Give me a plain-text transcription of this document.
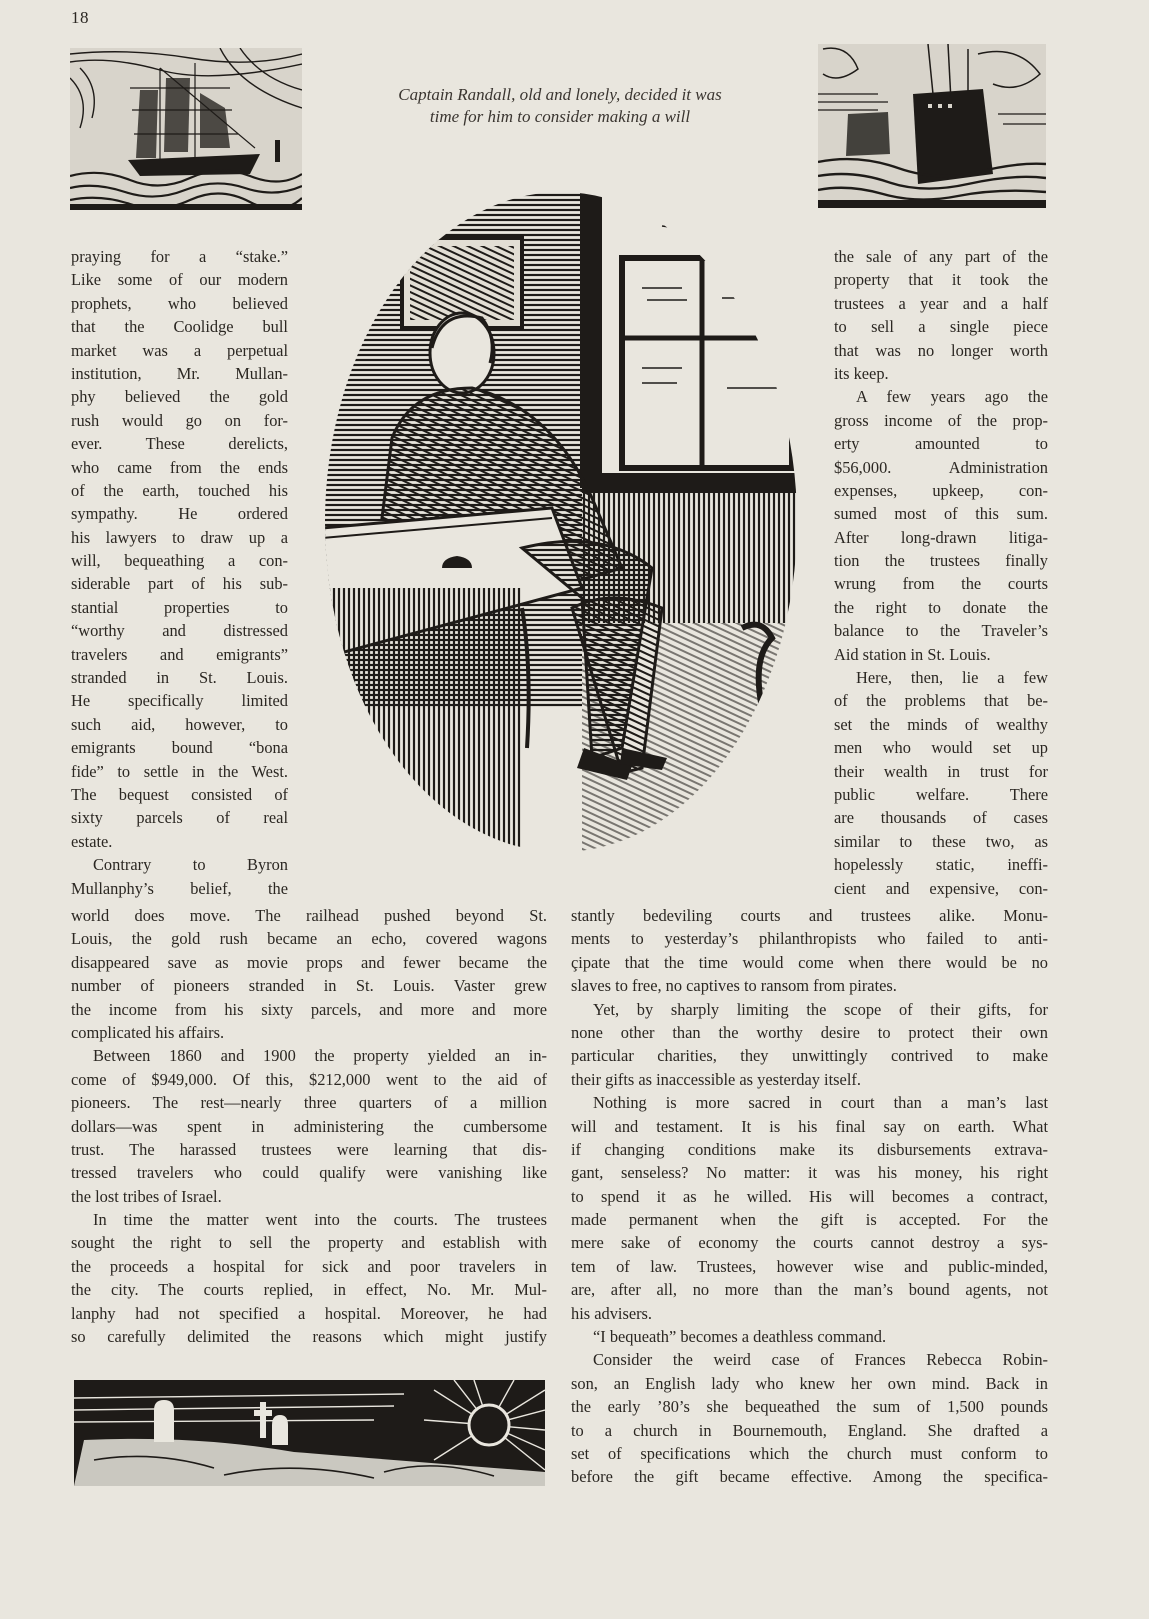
18
Captain Randall, old and lonely, decided it was
time for him to consider making a will
praying for a “stake.”
Like some of our modern
prophets, who believed
that the Coolidge bull
market was a perpetual
institution, Mr. Mullan-
phy believed the gold
rush would go on for-
ever. These derelicts,
who came from the ends
of the earth, touched his
sympathy. He ordered
his lawyers to draw up a
will, bequeathing a con-
siderable part of his sub-
stantial properties to
“worthy and distressed
travelers and emigrants”
stranded in St. Louis.
He specifically limited
such aid, however, to
emigrants bound “bona
fide” to settle in the West.
The bequest consisted of
sixty parcels of real
estate.
Contrary to Byron
Mullanphy’s belief, the
the sale of any part of the
property that it took the
trustees a year and a half
to sell a single piece
that was no longer worth
its keep.
A few years ago the
gross income of the prop-
erty amounted to
$56,000. Administration
expenses, upkeep, con-
sumed most of this sum.
After long-drawn litiga-
tion the trustees finally
wrung from the courts
the right to donate the
balance to the Traveler’s
Aid station in St. Louis.
Here, then, lie a few
of the problems that be-
set the minds of wealthy
men who would set up
their wealth in trust for
public welfare. There
are thousands of cases
similar to these two, as
hopelessly static, ineffi-
cient and expensive, con-
world does move. The railhead pushed beyond St.
Louis, the gold rush became an echo, covered wagons
disappeared save as movie props and fewer became the
number of pioneers stranded in St. Louis. Vaster grew
the income from his sixty parcels, and more and more
complicated his affairs.
Between 1860 and 1900 the property yielded an in-
come of $949,000. Of this, $212,000 went to the aid of
pioneers. The rest—nearly three quarters of a million
dollars—was spent in administering the cumbersome
trust. The harassed trustees were learning that dis-
tressed travelers who could qualify were vanishing like
the lost tribes of Israel.
In time the matter went into the courts. The trustees
sought the right to sell the property and establish with
the proceeds a hospital for sick and poor travelers in
the city. The courts replied, in effect, No. Mr. Mul-
lanphy had not specified a hospital. Moreover, he had
so carefully delimited the reasons which might justify
stantly bedeviling courts and trustees alike. Monu-
ments to yesterday’s philanthropists who failed to anti-
çipate that the time would come when there would be no
slaves to free, no captives to ransom from pirates.
Yet, by sharply limiting the scope of their gifts, for
none other than the worthy desire to protect their own
particular charities, they unwittingly contrived to make
their gifts as inaccessible as yesterday itself.
Nothing is more sacred in court than a man’s last
will and testament. It is his final say on earth. What
if changing conditions make its disbursements extrava-
gant, senseless? No matter: it was his money, his right
to spend it as he willed. His will becomes a contract,
made permanent when the gift is accepted. For the
mere sake of economy the courts cannot destroy a sys-
tem of law. Trustees, however wise and public-minded,
are, after all, no more than the man’s bound agents, not
his advisers.
“I bequeath” becomes a deathless command.
Consider the weird case of Frances Rebecca Robin-
son, an English lady who knew her own mind. Back in
the early ’80’s she bequeathed the sum of 1,500 pounds
to a church in Bournemouth, England. She drafted a
set of specifications which the church must conform to
before the gift became effective. Among the specifica-
